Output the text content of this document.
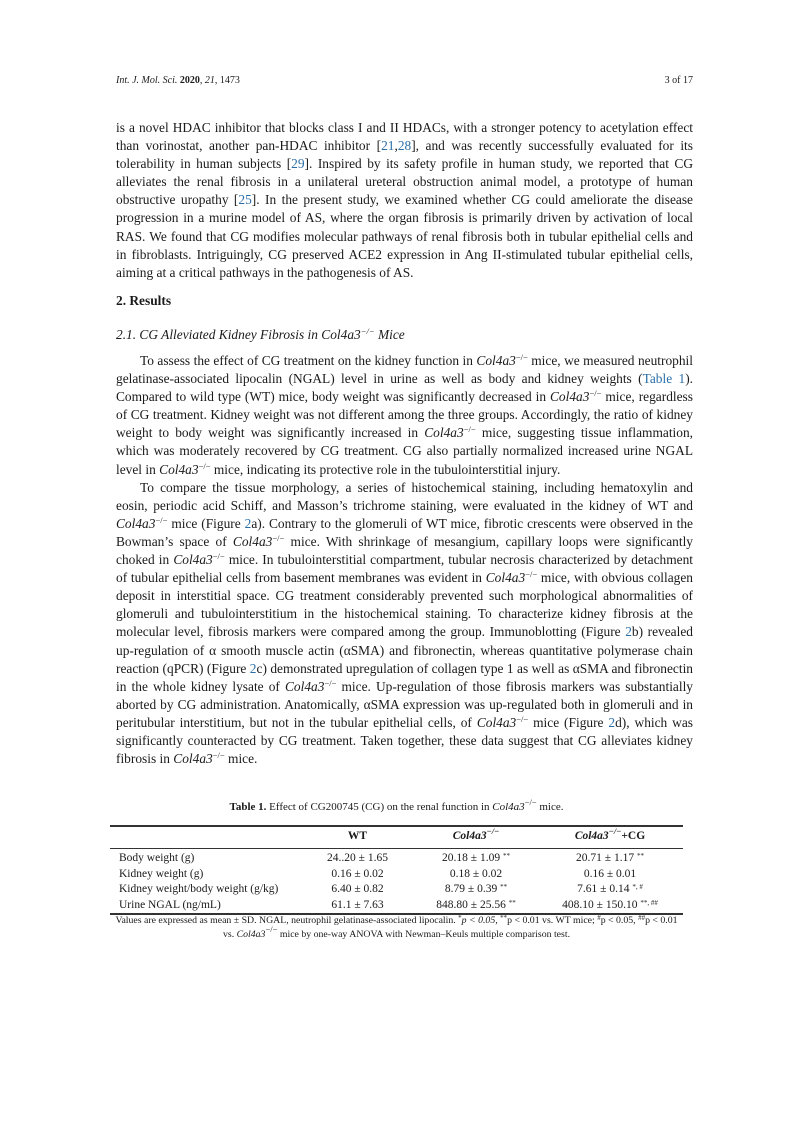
Int. J. Mol. Sci. 2020, 21, 1473	3 of 17

is a novel HDAC inhibitor that blocks class I and II HDACs, with a stronger potency to acetylation effect than vorinostat, another pan-HDAC inhibitor [21,28], and was recently successfully evaluated for its tolerability in human subjects [29]. Inspired by its safety profile in human study, we reported that CG alleviates the renal fibrosis in a unilateral ureteral obstruction animal model, a prototype of human obstructive uropathy [25]. In the present study, we examined whether CG could ameliorate the disease progression in a murine model of AS, where the organ fibrosis is primarily driven by activation of local RAS. We found that CG modifies molecular pathways of renal fibrosis both in tubular epithelial cells and in fibroblasts. Intriguingly, CG preserved ACE2 expression in Ang II-stimulated tubular epithelial cells, aiming at a critical pathways in the pathogenesis of AS.

2. Results
2.1. CG Alleviated Kidney Fibrosis in Col4a3−/− Mice

To assess the effect of CG treatment on the kidney function in Col4a3−/− mice, we measured neutrophil gelatinase-associated lipocalin (NGAL) level in urine as well as body and kidney weights (Table 1). Compared to wild type (WT) mice, body weight was significantly decreased in Col4a3−/− mice, regardless of CG treatment. Kidney weight was not different among the three groups. Accordingly, the ratio of kidney weight to body weight was significantly increased in Col4a3−/− mice, suggesting tissue inflammation, which was moderately recovered by CG treatment. CG also partially normalized increased urine NGAL level in Col4a3−/− mice, indicating its protective role in the tubulointerstitial injury.

To compare the tissue morphology, a series of histochemical staining, including hematoxylin and eosin, periodic acid Schiff, and Masson’s trichrome staining, were evaluated in the kidney of WT and Col4a3−/− mice (Figure 2a). Contrary to the glomeruli of WT mice, fibrotic crescents were observed in the Bowman’s space of Col4a3−/− mice. With shrinkage of mesangium, capillary loops were significantly choked in Col4a3−/− mice. In tubulointerstitial compartment, tubular necrosis characterized by detachment of tubular epithelial cells from basement membranes was evident in Col4a3−/− mice, with obvious collagen deposit in interstitial space. CG treatment considerably prevented such morphological abnormalities of glomeruli and tubulointerstitium in the histochemical staining. To characterize kidney fibrosis at the molecular level, fibrosis markers were compared among the group. Immunoblotting (Figure 2b) revealed up-regulation of α smooth muscle actin (αSMA) and fibronectin, whereas quantitative polymerase chain reaction (qPCR) (Figure 2c) demonstrated upregulation of collagen type 1 as well as αSMA and fibronectin in the whole kidney lysate of Col4a3−/− mice. Up-regulation of those fibrosis markers was substantially aborted by CG administration. Anatomically, αSMA expression was up-regulated both in glomeruli and in peritubular interstitium, but not in the tubular epithelial cells, of Col4a3−/− mice (Figure 2d), which was significantly counteracted by CG treatment. Taken together, these data suggest that CG alleviates kidney fibrosis in Col4a3−/− mice.

Table 1. Effect of CG200745 (CG) on the renal function in Col4a3−/− mice.
	WT	Col4a3−/−	Col4a3−/−+CG
Body weight (g)	24..20 ± 1.65	20.18 ± 1.09 **	20.71 ± 1.17 **
Kidney weight (g)	0.16 ± 0.02	0.18 ± 0.02	0.16 ± 0.01
Kidney weight/body weight (g/kg)	6.40 ± 0.82	8.79 ± 0.39 **	7.61 ± 0.14 *, #
Urine NGAL (ng/mL)	61.1 ± 7.63	848.80 ± 25.56 **	408.10 ± 150.10 **, ##
Values are expressed as mean ± SD. NGAL, neutrophil gelatinase-associated lipocalin. *p < 0.05, **p < 0.01 vs. WT mice; #p < 0.05, ##p < 0.01 vs. Col4a3−/− mice by one-way ANOVA with Newman–Keuls multiple comparison test.
